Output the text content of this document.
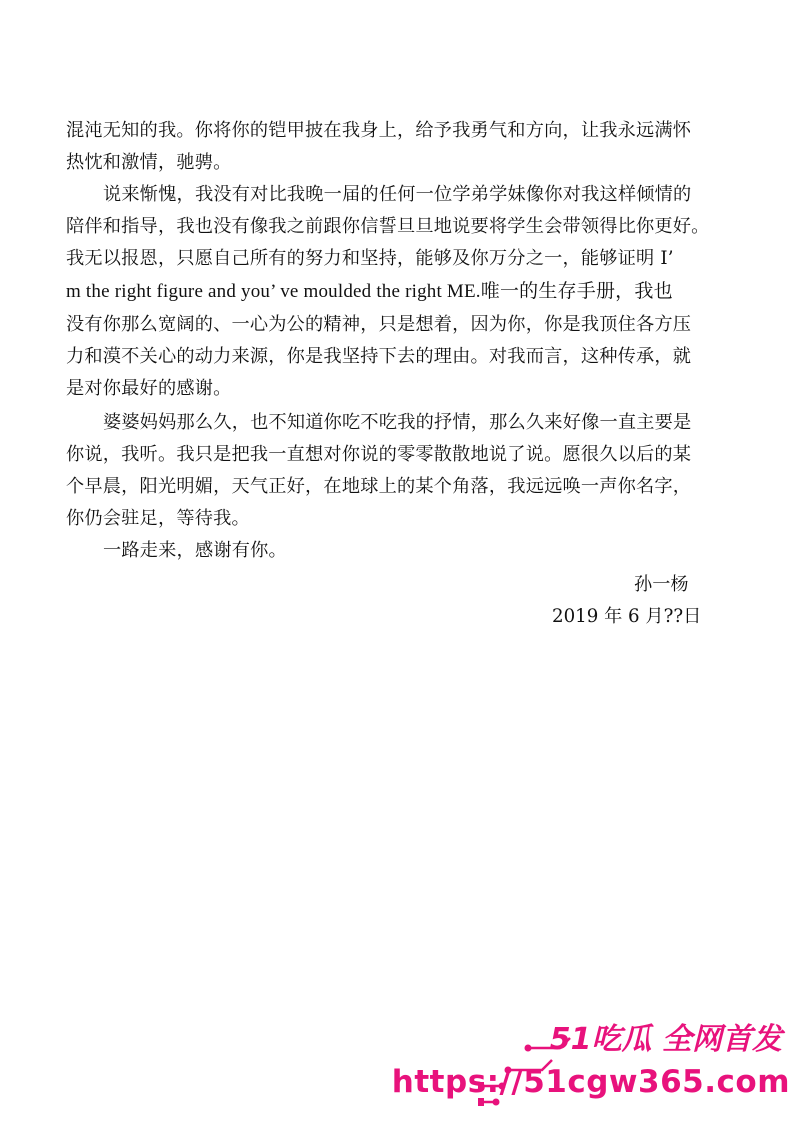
混沌无知的我。你将你的铠甲披在我身上，给予我勇气和方向，让我永远满怀
热忱和激情，驰骋。
说来惭愧，我没有对比我晚一届的任何一位学弟学妹像你对我这样倾情的
陪伴和指导，我也没有像我之前跟你信誓旦旦地说要将学生会带领得比你更好。
我无以报恩，只愿自己所有的努力和坚持，能够及你万分之一，能够证明 I’
m the right figure and you’ ve moulded the right ME.唯一的生存手册，我也
没有你那么宽阔的、一心为公的精神，只是想着，因为你，你是我顶住各方压
力和漠不关心的动力来源，你是我坚持下去的理由。对我而言，这种传承，就
是对你最好的感谢。
婆婆妈妈那么久，也不知道你吃不吃我的抒情，那么久来好像一直主要是
你说，我听。我只是把我一直想对你说的零零散散地说了说。愿很久以后的某
个早晨，阳光明媚，天气正好，在地球上的某个角落，我远远唤一声你名字，
你仍会驻足，等待我。
一路走来，感谢有你。
孙一杨
2019 年 6 月??日
51吃瓜 全网首发
https://51cgw365.com
